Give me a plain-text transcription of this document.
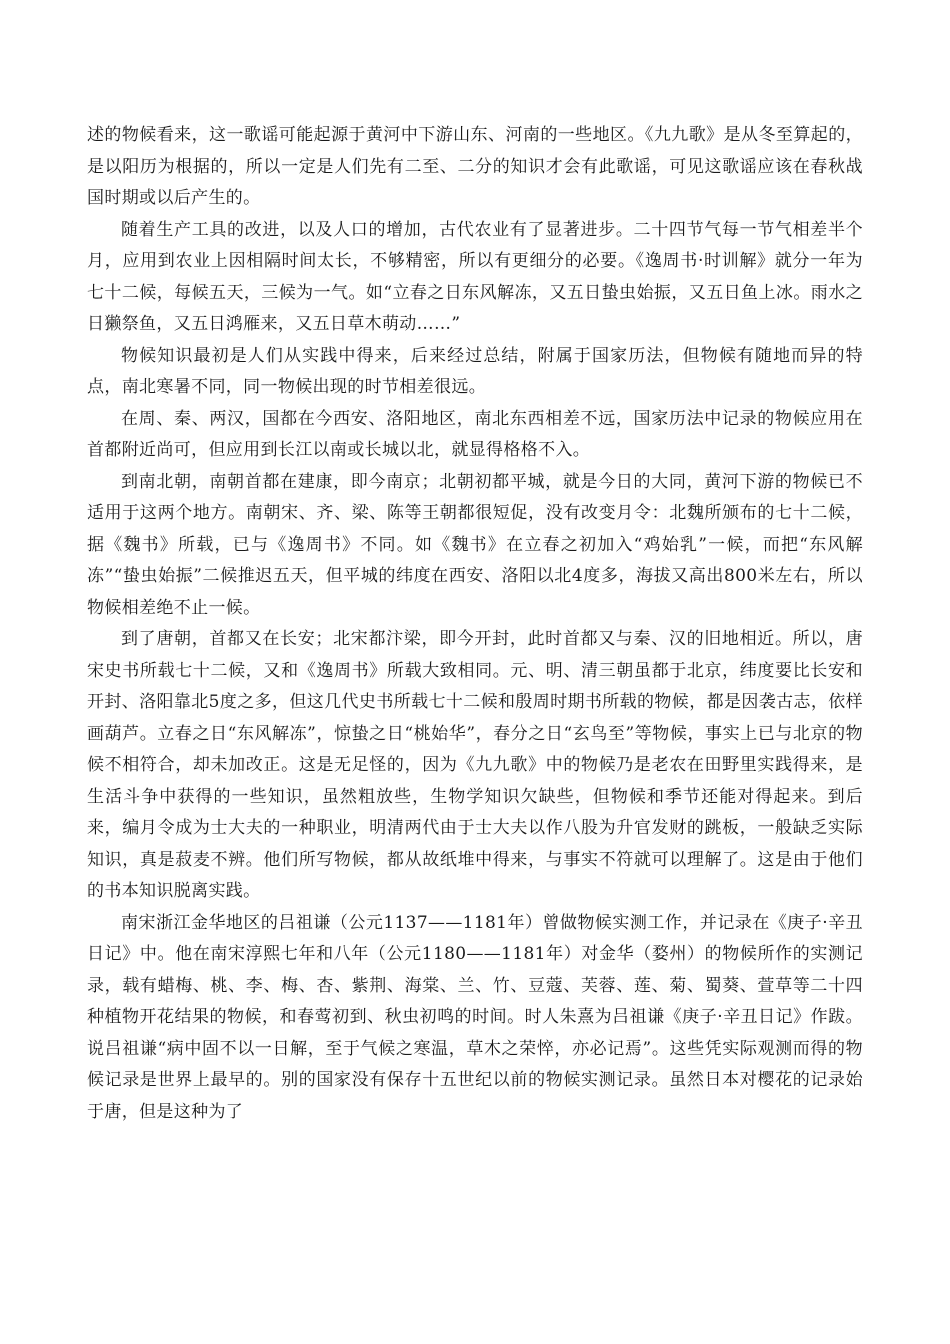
述的物候看来，这一歌谣可能起源于黄河中下游山东、河南的一些地区。《九九歌》是从冬至算起的，是以阳历为根据的，所以一定是人们先有二至、二分的知识才会有此歌谣，可见这歌谣应该在春秋战国时期或以后产生的。

随着生产工具的改进，以及人口的增加，古代农业有了显著进步。二十四节气每一节气相差半个月，应用到农业上因相隔时间太长，不够精密，所以有更细分的必要。《逸周书·时训解》就分一年为七十二候，每候五天，三候为一气。如“立春之日东风解冻，又五日蛰虫始振，又五日鱼上冰。雨水之日獭祭鱼，又五日鸿雁来，又五日草木萌动……”

物候知识最初是人们从实践中得来，后来经过总结，附属于国家历法，但物候有随地而异的特点，南北寒暑不同，同一物候出现的时节相差很远。

在周、秦、两汉，国都在今西安、洛阳地区，南北东西相差不远，国家历法中记录的物候应用在首都附近尚可，但应用到长江以南或长城以北，就显得格格不入。

到南北朝，南朝首都在建康，即今南京；北朝初都平城，就是今日的大同，黄河下游的物候已不适用于这两个地方。南朝宋、齐、梁、陈等王朝都很短促，没有改变月令：北魏所颁布的七十二候，据《魏书》所载，已与《逸周书》不同。如《魏书》在立春之初加入“鸡始乳”一候，而把“东风解冻”“蛰虫始振”二候推迟五天，但平城的纬度在西安、洛阳以北4度多，海拔又高出800米左右，所以物候相差绝不止一候。

到了唐朝，首都又在长安；北宋都汴梁，即今开封，此时首都又与秦、汉的旧地相近。所以，唐宋史书所载七十二候，又和《逸周书》所载大致相同。元、明、清三朝虽都于北京，纬度要比长安和开封、洛阳靠北5度之多，但这几代史书所载七十二候和殷周时期书所载的物候，都是因袭古志，依样画葫芦。立春之日“东风解冻”，惊蛰之日“桃始华”，春分之日“玄鸟至”等物候，事实上已与北京的物候不相符合，却未加改正。这是无足怪的，因为《九九歌》中的物候乃是老农在田野里实践得来，是生活斗争中获得的一些知识，虽然粗放些，生物学知识欠缺些，但物候和季节还能对得起来。到后来，编月令成为士大夫的一种职业，明清两代由于士大夫以作八股为升官发财的跳板，一般缺乏实际知识，真是菽麦不辨。他们所写物候，都从故纸堆中得来，与事实不符就可以理解了。这是由于他们的书本知识脱离实践。

南宋浙江金华地区的吕祖谦（公元1137——1181年）曾做物候实测工作，并记录在《庚子·辛丑日记》中。他在南宋淳熙七年和八年（公元1180——1181年）对金华（婺州）的物候所作的实测记录，载有蜡梅、桃、李、梅、杏、紫荆、海棠、兰、竹、豆蔻、芙蓉、莲、菊、蜀葵、萱草等二十四种植物开花结果的物候，和春莺初到、秋虫初鸣的时间。时人朱熹为吕祖谦《庚子·辛丑日记》作跋。说吕祖谦“病中固不以一日解，至于气候之寒温，草木之荣悴，亦必记焉”。这些凭实际观测而得的物候记录是世界上最早的。别的国家没有保存十五世纪以前的物候实测记录。虽然日本对樱花的记录始于唐，但是这种为了
